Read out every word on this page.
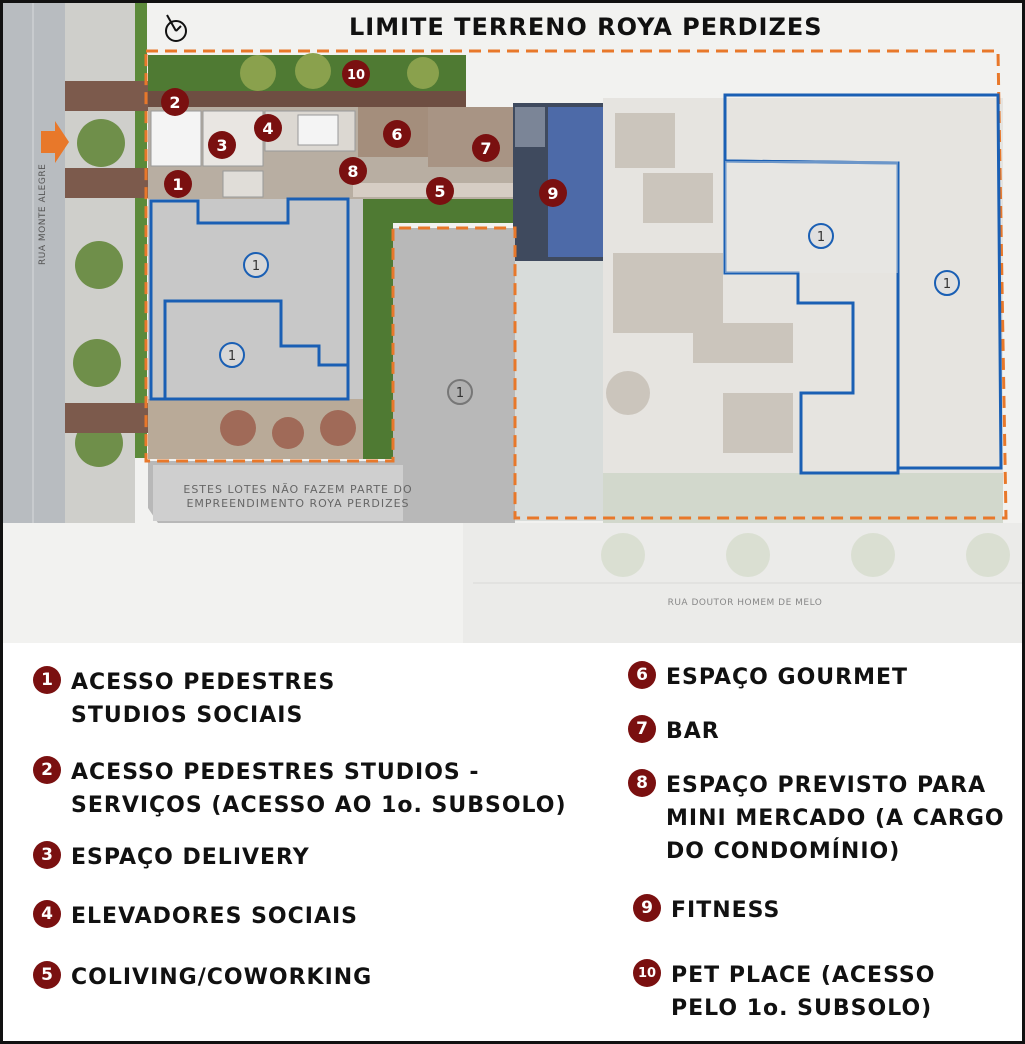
1
1
1
1
1
1
2
3
4
5
6
7
8
9
10
RUA DOUTOR HOMEM DE MELO
LIMITE TERRENO ROYA PERDIZES
RUA MONTE ALEGRE
ESTES LOTES NÃO FAZEM PARTE DO
EMPREENDIMENTO ROYA PERDIZES
1 ACESSO PEDESTRES
STUDIOS SOCIAIS
2 ACESSO PEDESTRES STUDIOS -
SERVIÇOS (ACESSO AO 1o. SUBSOLO)
3 ESPAÇO DELIVERY
4 ELEVADORES SOCIAIS
5 COLIVING/COWORKING
6 ESPAÇO GOURMET
7 BAR
8 ESPAÇO PREVISTO PARA
MINI MERCADO (A CARGO
DO CONDOMÍNIO)
9 FITNESS
10 PET PLACE (ACESSO
PELO 1o. SUBSOLO)
